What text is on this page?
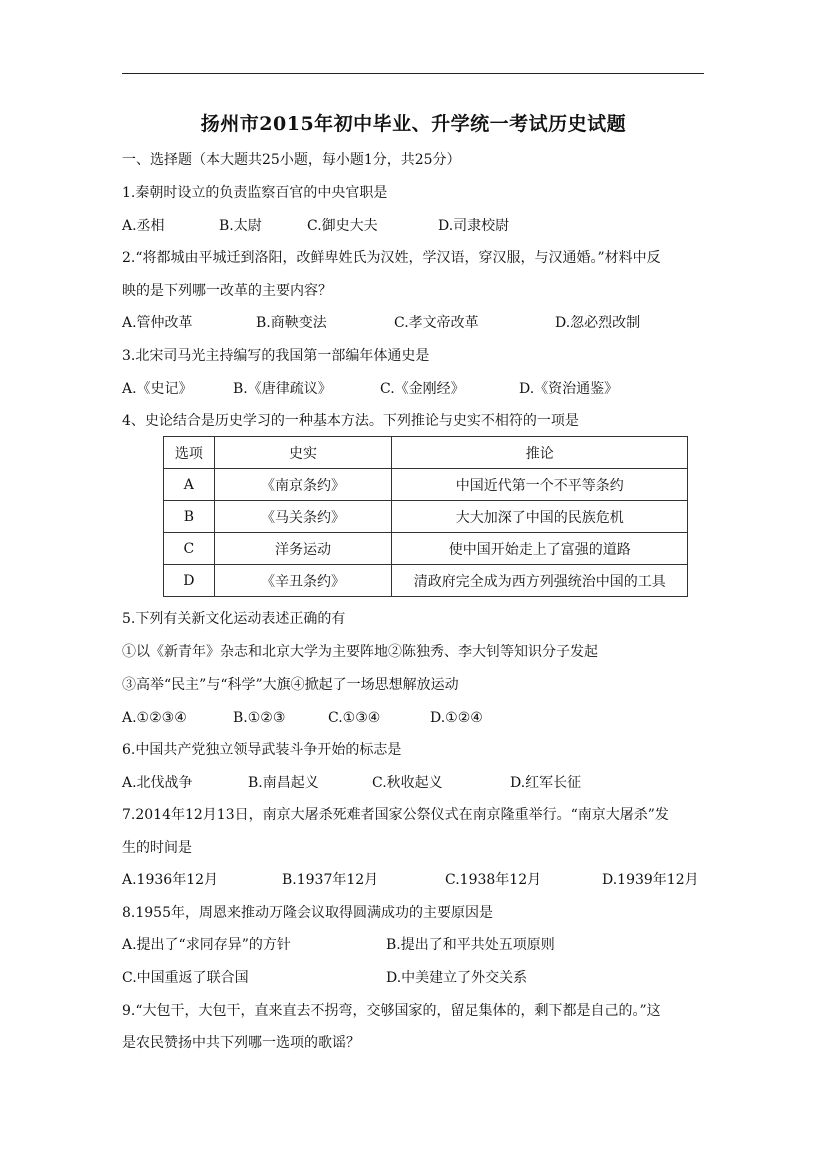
扬州市2015年初中毕业、升学统一考试历史试题
一、选择题（本大题共25小题，每小题1分，共25分）
1.秦朝时设立的负责监察百官的中央官职是
A.丞相	B.太尉	C.御史大夫	D.司隶校尉
2.“将都城由平城迁到洛阳，改鲜卑姓氏为汉姓，学汉语，穿汉服，与汉通婚。”材料中反
映的是下列哪一改革的主要内容？
A.管仲改革	B.商鞅变法	C.孝文帝改革	D.忽必烈改制
3.北宋司马光主持编写的我国第一部编年体通史是
A.《史记》	B.《唐律疏议》	C.《金刚经》	D.《资治通鉴》
4、史论结合是历史学习的一种基本方法。下列推论与史实不相符的一项是
选项	史实	推论
A	《南京条约》	中国近代第一个不平等条约
B	《马关条约》	大大加深了中国的民族危机
C	洋务运动	使中国开始走上了富强的道路
D	《辛丑条约》	清政府完全成为西方列强统治中国的工具
5.下列有关新文化运动表述正确的有
①以《新青年》杂志和北京大学为主要阵地②陈独秀、李大钊等知识分子发起
③高举“民主”与“科学”大旗④掀起了一场思想解放运动
A.①②③④	B.①②③	C.①③④	D.①②④
6.中国共产党独立领导武装斗争开始的标志是
A.北伐战争	B.南昌起义	C.秋收起义	D.红军长征
7.2014年12月13日，南京大屠杀死难者国家公祭仪式在南京隆重举行。“南京大屠杀”发
生的时间是
A.1936年12月	B.1937年12月	C.1938年12月	D.1939年12月
8.1955年，周恩来推动万隆会议取得圆满成功的主要原因是
A.提出了“求同存异”的方针	B.提出了和平共处五项原则
C.中国重返了联合国	D.中美建立了外交关系
9.“大包干，大包干，直来直去不拐弯，交够国家的，留足集体的，剩下都是自己的。”这
是农民赞扬中共下列哪一选项的歌谣？
